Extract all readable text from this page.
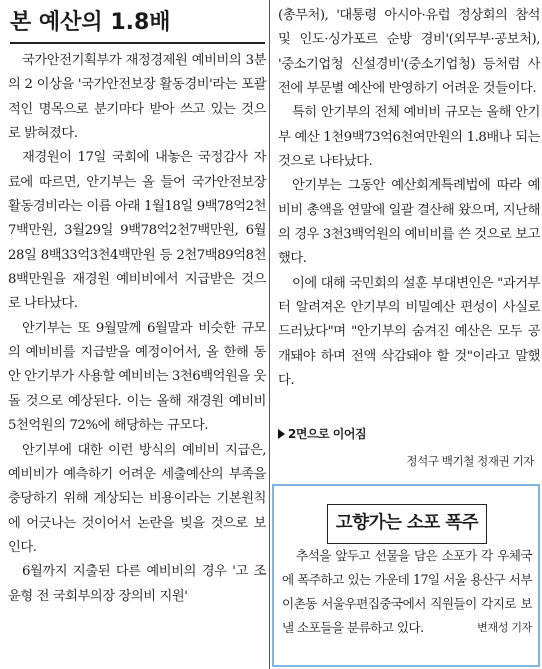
본 예산의 1.8배

국가안전기획부가 재정경제원 예비비의 3분의 2 이상을 '국가안전보장 활동경비'라는 포괄적인 명목으로 분기마다 받아 쓰고 있는 것으로 밝혀졌다.

재경원이 17일 국회에 내놓은 국정감사 자료에 따르면, 안기부는 올 들어 국가안전보장 활동경비라는 이름 아래 1월18일 9백78억2천7백만원, 3월29일 9백78억2천7백만원, 6월28일 8백33억3천4백만원 등 2천7백89억8천8백만원을 재경원 예비비에서 지급받은 것으로 나타났다.

안기부는 또 9월말께 6월말과 비슷한 규모의 예비비를 지급받을 예정이어서, 올 한해 동안 안기부가 사용할 예비비는 3천6백억원을 웃돌 것으로 예상된다. 이는 올해 재경원 예비비 5천억원의 72%에 해당하는 규모다.

안기부에 대한 이런 방식의 예비비 지급은, 예비비가 예측하기 어려운 세출예산의 부족을 충당하기 위해 계상되는 비용이라는 기본원칙에 어긋나는 것이어서 논란을 빚을 것으로 보인다.

6월까지 지출된 다른 예비비의 경우 '고 조윤형 전 국회부의장 장의비 지원'

(총무처), '대통령 아시아·유럽 정상회의 참석 및 인도·싱가포르 순방 경비'(외무부·공보처), '중소기업청 신설경비'(중소기업청) 등처럼 사전에 부문별 예산에 반영하기 어려운 것들이다.

특히 안기부의 전체 예비비 규모는 올해 안기부 예산 1천9백73억6천여만원의 1.8배나 되는 것으로 나타났다.

안기부는 그동안 예산회계특례법에 따라 예비비 총액을 연말에 일괄 결산해 왔으며, 지난해의 경우 3천3백억원의 예비비를 쓴 것으로 보고했다.

이에 대해 국민회의 설훈 부대변인은 "과거부터 알려져온 안기부의 비밀예산 편성이 사실로 드러났다"며 "안기부의 숨겨진 예산은 모두 공개돼야 하며 전액 삭감돼야 할 것"이라고 말했다.

2면으로 이어짐
정석구 백기철 정재권 기자
고향가는 소포 폭주

추석을 앞두고 선물을 담은 소포가 각 우체국에 폭주하고 있는 가운데 17일 서울 용산구 서부이촌동 서울우편집중국에서 직원들이 각지로 보낼 소포들을 분류하고 있다.	변재성 기자
